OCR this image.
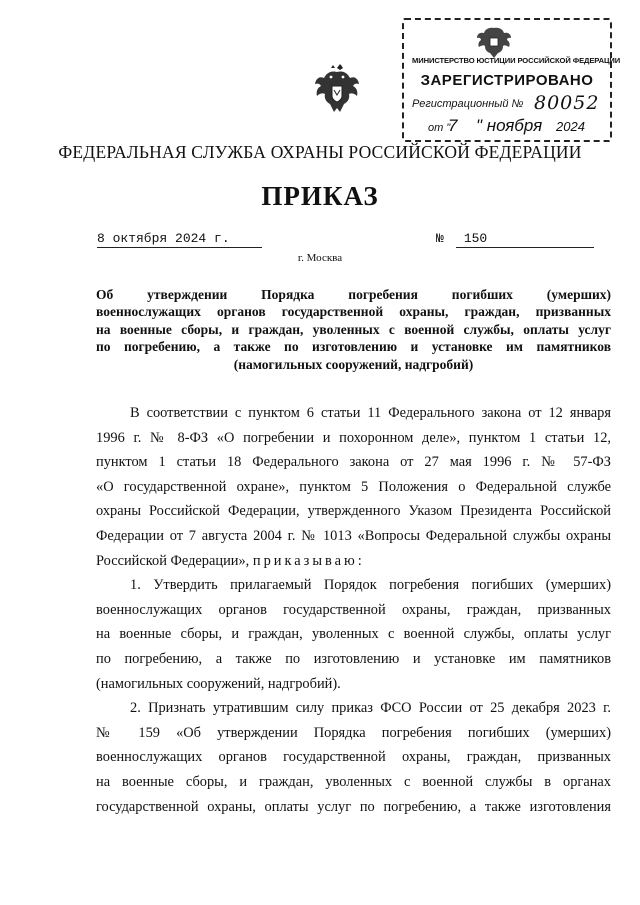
МИНИСТЕРСТВО ЮСТИЦИИ РОССИЙСКОЙ ФЕДЕРАЦИИ
ЗАРЕГИСТРИРОВАНО
Регистрационный № 80052
от "
7 " ноября 2024
ФЕДЕРАЛЬНАЯ СЛУЖБА ОХРАНЫ РОССИЙСКОЙ ФЕДЕРАЦИИ
ПРИКАЗ
8 октября 2024 г.	№	150
г. Москва
Об утверждении Порядка погребения погибших (умерших)
военнослужащих органов государственной охраны, граждан, призванных
на военные сборы, и граждан, уволенных с военной службы, оплаты услуг
по погребению, а также по изготовлению и установке им памятников
(намогильных сооружений, надгробий)
В соответствии с пунктом 6 статьи 11 Федерального закона от 12 января
1996 г. № 8-ФЗ «О погребении и похоронном деле», пунктом 1 статьи 12,
пунктом 1 статьи 18 Федерального закона от 27 мая 1996 г. № 57-ФЗ
«О государственной охране», пунктом 5 Положения о Федеральной службе
охраны Российской Федерации, утвержденного Указом Президента Российской
Федерации от 7 августа 2004 г. № 1013 «Вопросы Федеральной службы охраны
Российской Федерации», приказываю:
1. Утвердить прилагаемый Порядок погребения погибших (умерших)
военнослужащих органов государственной охраны, граждан, призванных
на военные сборы, и граждан, уволенных с военной службы, оплаты услуг
по погребению, а также по изготовлению и установке им памятников
(намогильных сооружений, надгробий).
2. Признать утратившим силу приказ ФСО России от 25 декабря 2023 г.
№ 159 «Об утверждении Порядка погребения погибших (умерших)
военнослужащих органов государственной охраны, граждан, призванных
на военные сборы, и граждан, уволенных с военной службы в органах
государственной охраны, оплаты услуг по погребению, а также изготовления
